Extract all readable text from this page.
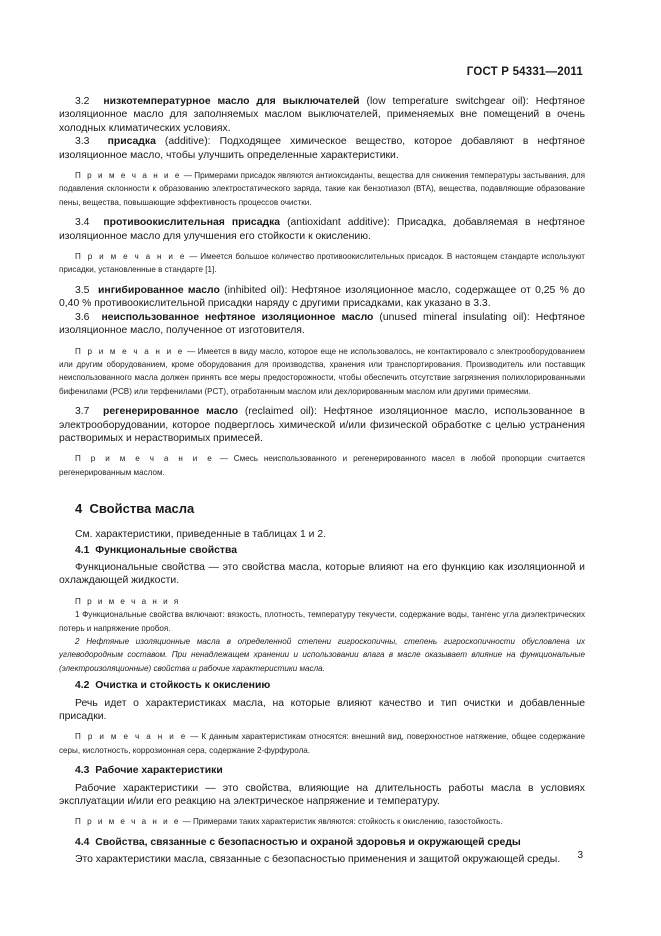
ГОСТ Р 54331—2011

3.2 низкотемпературное масло для выключателей (low temperature switchgear oil): Нефтяное изоляционное масло для заполняемых маслом выключателей, применяемых вне помещений в очень холодных климатических условиях.

3.3 присадка (additive): Подходящее химическое вещество, которое добавляют в нефтяное изоляционное масло, чтобы улучшить определенные характеристики.

П р и м е ч а н и е — Примерами присадок являются антиоксиданты, вещества для снижения температуры застывания, для подавления склонности к образованию электростатического заряда, такие как бензотиазол (ВТА), вещества, подавляющие образование пены, вещества, повышающие эффективность процессов очистки.

3.4 противоокислительная присадка (antioxidant additive): Присадка, добавляемая в нефтяное изоляционное масло для улучшения его стойкости к окислению.

П р и м е ч а н и е — Имеется большое количество противоокислительных присадок. В настоящем стандарте используют присадки, установленные в стандарте [1].

3.5 ингибированное масло (inhibited oil): Нефтяное изоляционное масло, содержащее от 0,25 % до 0,40 % противоокислительной присадки наряду с другими присадками, как указано в 3.3.

3.6 неиспользованное нефтяное изоляционное масло (unused mineral insulating oil): Нефтяное изоляционное масло, полученное от изготовителя.

П р и м е ч а н и е — Имеется в виду масло, которое еще не использовалось, не контактировало с электрооборудованием или другим оборудованием, кроме оборудования для производства, хранения или транспортирования. Производитель или поставщик неиспользованного масла должен принять все меры предосторожности, чтобы обеспечить отсутствие загрязнения полихлорированными бифенилами (PCB) или терфенилами (PCT), отработанным маслом или дехлорированным маслом или другими примесями.

3.7 регенерированное масло (reclaimed oil): Нефтяное изоляционное масло, использованное в электрооборудовании, которое подверглось химической и/или физической обработке с целью устранения растворимых и нерастворимых примесей.

П р и м е ч а н и е — Смесь неиспользованного и регенерированного масел в любой пропорции считается регенерированным маслом.

4 Свойства масла

См. характеристики, приведенные в таблицах 1 и 2.

4.1 Функциональные свойства

Функциональные свойства — это свойства масла, которые влияют на его функцию как изоляционной и охлаждающей жидкости.

П р и м е ч а н и я

1 Функциональные свойства включают: вязкость, плотность, температуру текучести, содержание воды, тангенс угла диэлектрических потерь и напряжение пробоя.

2 Нефтяные изоляционные масла в определенной степени гигроскопичны, степень гигроскопичности обусловлена их углеводородным составом. При ненадлежащем хранении и использовании влага в масле оказывает влияние на функциональные (электроизоляционные) свойства и рабочие характеристики масла.

4.2 Очистка и стойкость к окислению

Речь идет о характеристиках масла, на которые влияют качество и тип очистки и добавленные присадки.

П р и м е ч а н и е — К данным характеристикам относятся: внешний вид, поверхностное натяжение, общее содержание серы, кислотность, коррозионная сера, содержание 2-фурфурола.

4.3 Рабочие характеристики

Рабочие характеристики — это свойства, влияющие на длительность работы масла в условиях эксплуатации и/или его реакцию на электрическое напряжение и температуру.

П р и м е ч а н и е — Примерами таких характеристик являются: стойкость к окислению, газостойкость.

4.4 Свойства, связанные с безопасностью и охраной здоровья и окружающей среды

Это характеристики масла, связанные с безопасностью применения и защитой окружающей среды.	3
